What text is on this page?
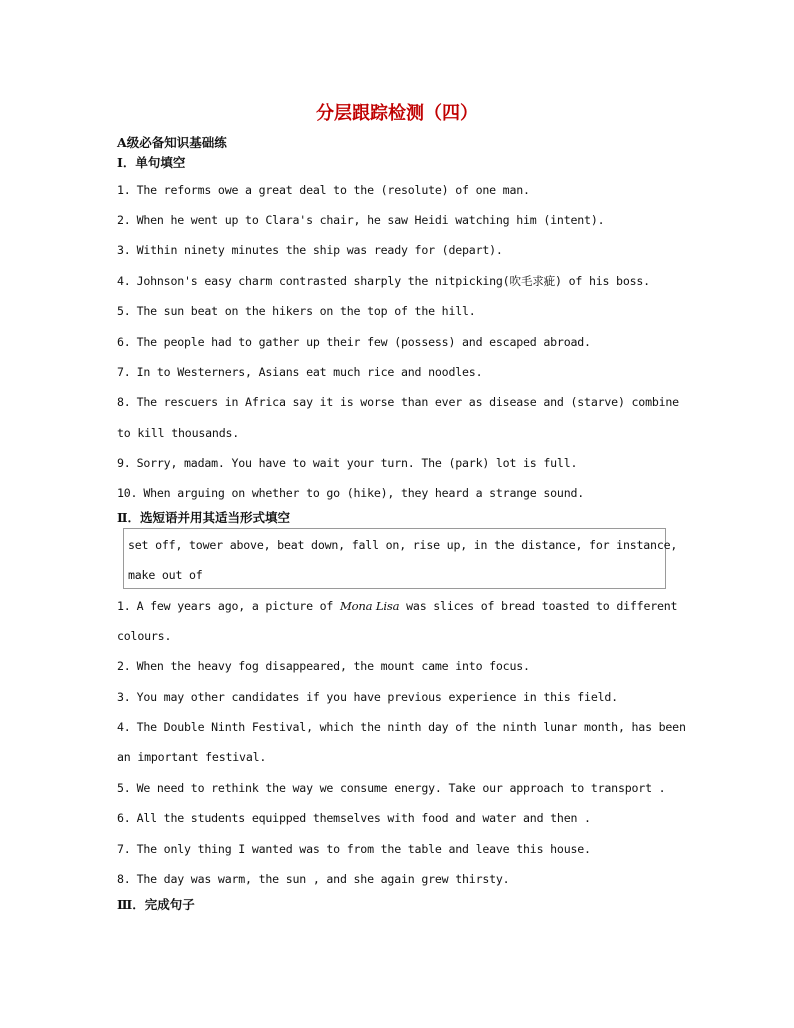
分层跟踪检测（四）
A级必备知识基础练
Ⅰ．单句填空
1. The reforms owe a great deal to the (resolute) of one man.
2. When he went up to Clara's chair, he saw Heidi watching him (intent).
3. Within ninety minutes the ship was ready for (depart).
4. Johnson's easy charm contrasted sharply the nitpicking(吹毛求疵) of his boss.
5. The sun beat on the hikers on the top of the hill.
6. The people had to gather up their few (possess) and escaped abroad.
7. In to Westerners, Asians eat much rice and noodles.
8. The rescuers in Africa say it is worse than ever as disease and (starve) combine
to kill thousands.
9. Sorry, madam. You have to wait your turn. The (park) lot is full.
10. When arguing on whether to go (hike), they heard a strange sound.
Ⅱ．选短语并用其适当形式填空
set off, tower above, beat down, fall on, rise up, in the distance, for instance,
make out of
1. A few years ago, a picture of Mona Lisa was slices of bread toasted to different
colours.
2. When the heavy fog disappeared, the mount came into focus.
3. You may other candidates if you have previous experience in this field.
4. The Double Ninth Festival, which the ninth day of the ninth lunar month, has been
an important festival.
5. We need to rethink the way we consume energy. Take our approach to transport .
6. All the students equipped themselves with food and water and then .
7. The only thing I wanted was to from the table and leave this house.
8. The day was warm, the sun , and she again grew thirsty.
Ⅲ．完成句子
